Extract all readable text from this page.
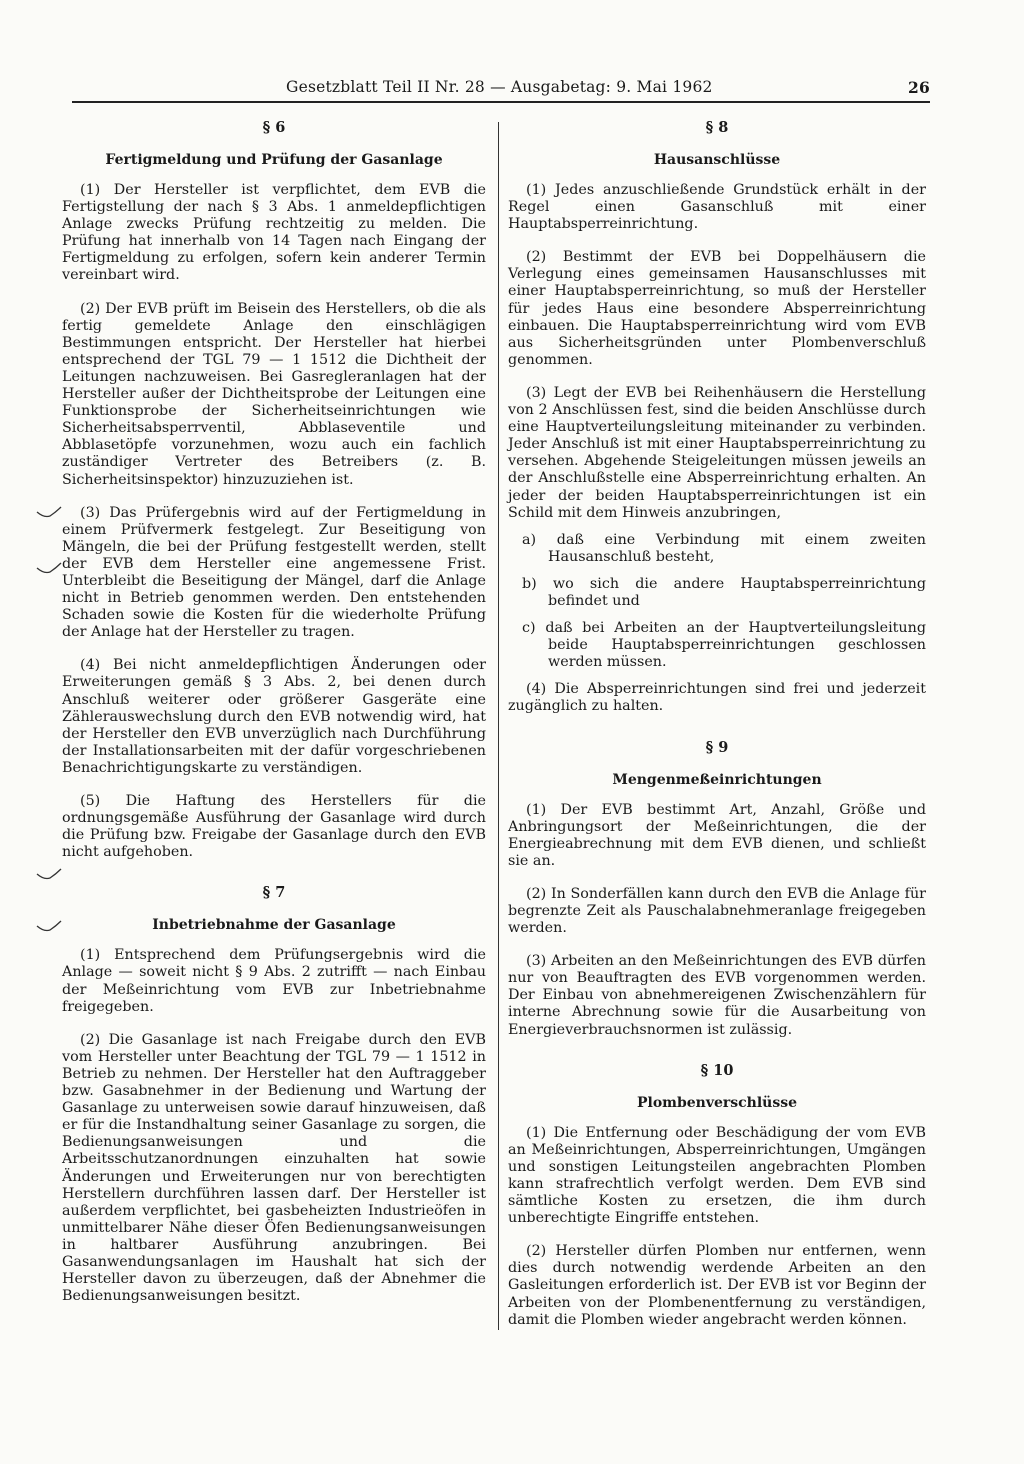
Gesetzblatt Teil II Nr. 28 — Ausgabetag: 9. Mai 1962	26
§ 6
Fertigmeldung und Prüfung der Gasanlage

(1) Der Hersteller ist verpflichtet, dem EVB die Fertigstellung der nach § 3 Abs. 1 anmeldepflichtigen Anlage zwecks Prüfung rechtzeitig zu melden. Die Prüfung hat innerhalb von 14 Tagen nach Eingang der Fertigmeldung zu erfolgen, sofern kein anderer Termin vereinbart wird.

(2) Der EVB prüft im Beisein des Herstellers, ob die als fertig gemeldete Anlage den einschlägigen Bestimmungen entspricht. Der Hersteller hat hierbei entsprechend der TGL 79 — 1 1512 die Dichtheit der Leitungen nachzuweisen. Bei Gasregleranlagen hat der Hersteller außer der Dichtheitsprobe der Leitungen eine Funktionsprobe der Sicherheitseinrichtungen wie Sicherheitsabsperrventil, Abblaseventile und Abblasetöpfe vorzunehmen, wozu auch ein fachlich zuständiger Vertreter des Betreibers (z. B. Sicherheitsinspektor) hinzuzuziehen ist.

(3) Das Prüfergebnis wird auf der Fertigmeldung in einem Prüfvermerk festgelegt. Zur Beseitigung von Mängeln, die bei der Prüfung festgestellt werden, stellt der EVB dem Hersteller eine angemessene Frist. Unterbleibt die Beseitigung der Mängel, darf die Anlage nicht in Betrieb genommen werden. Den entstehenden Schaden sowie die Kosten für die wiederholte Prüfung der Anlage hat der Hersteller zu tragen.

(4) Bei nicht anmeldepflichtigen Änderungen oder Erweiterungen gemäß § 3 Abs. 2, bei denen durch Anschluß weiterer oder größerer Gasgeräte eine Zählerauswechslung durch den EVB notwendig wird, hat der Hersteller den EVB unverzüglich nach Durchführung der Installationsarbeiten mit der dafür vorgeschriebenen Benachrichtigungskarte zu verständigen.

(5) Die Haftung des Herstellers für die ordnungsgemäße Ausführung der Gasanlage wird durch die Prüfung bzw. Freigabe der Gasanlage durch den EVB nicht aufgehoben.

§ 7
Inbetriebnahme der Gasanlage

(1) Entsprechend dem Prüfungsergebnis wird die Anlage — soweit nicht § 9 Abs. 2 zutrifft — nach Einbau der Meßeinrichtung vom EVB zur Inbetriebnahme freigegeben.

(2) Die Gasanlage ist nach Freigabe durch den EVB vom Hersteller unter Beachtung der TGL 79 — 1 1512 in Betrieb zu nehmen. Der Hersteller hat den Auftraggeber bzw. Gasabnehmer in der Bedienung und Wartung der Gasanlage zu unterweisen sowie darauf hinzuweisen, daß er für die Instandhaltung seiner Gasanlage zu sorgen, die Bedienungsanweisungen und die Arbeitsschutzanordnungen einzuhalten hat sowie Änderungen und Erweiterungen nur von berechtigten Herstellern durchführen lassen darf. Der Hersteller ist außerdem verpflichtet, bei gasbeheizten Industrieöfen in unmittelbarer Nähe dieser Öfen Bedienungsanweisungen in haltbarer Ausführung anzubringen. Bei Gasanwendungsanlagen im Haushalt hat sich der Hersteller davon zu überzeugen, daß der Abnehmer die Bedienungsanweisungen besitzt.

§ 8
Hausanschlüsse

(1) Jedes anzuschließende Grundstück erhält in der Regel einen Gasanschluß mit einer Hauptabsperreinrichtung.

(2) Bestimmt der EVB bei Doppelhäusern die Verlegung eines gemeinsamen Hausanschlusses mit einer Hauptabsperreinrichtung, so muß der Hersteller für jedes Haus eine besondere Absperreinrichtung einbauen. Die Hauptabsperreinrichtung wird vom EVB aus Sicherheitsgründen unter Plombenverschluß genommen.

(3) Legt der EVB bei Reihenhäusern die Herstellung von 2 Anschlüssen fest, sind die beiden Anschlüsse durch eine Hauptverteilungsleitung miteinander zu verbinden. Jeder Anschluß ist mit einer Hauptabsperreinrichtung zu versehen. Abgehende Steigeleitungen müssen jeweils an der Anschlußstelle eine Absperreinrichtung erhalten. An jeder der beiden Hauptabsperreinrichtungen ist ein Schild mit dem Hinweis anzubringen,

a) daß eine Verbindung mit einem zweiten Hausanschluß besteht,
b) wo sich die andere Hauptabsperreinrichtung befindet und
c) daß bei Arbeiten an der Hauptverteilungsleitung beide Hauptabsperreinrichtungen geschlossen werden müssen.

(4) Die Absperreinrichtungen sind frei und jederzeit zugänglich zu halten.

§ 9
Mengenmeßeinrichtungen

(1) Der EVB bestimmt Art, Anzahl, Größe und Anbringungsort der Meßeinrichtungen, die der Energieabrechnung mit dem EVB dienen, und schließt sie an.

(2) In Sonderfällen kann durch den EVB die Anlage für begrenzte Zeit als Pauschalabnehmeranlage freigegeben werden.

(3) Arbeiten an den Meßeinrichtungen des EVB dürfen nur von Beauftragten des EVB vorgenommen werden. Der Einbau von abnehmereigenen Zwischenzählern für interne Abrechnung sowie für die Ausarbeitung von Energieverbrauchsnormen ist zulässig.

§ 10
Plombenverschlüsse

(1) Die Entfernung oder Beschädigung der vom EVB an Meßeinrichtungen, Absperreinrichtungen, Umgängen und sonstigen Leitungsteilen angebrachten Plomben kann strafrechtlich verfolgt werden. Dem EVB sind sämtliche Kosten zu ersetzen, die ihm durch unberechtigte Eingriffe entstehen.

(2) Hersteller dürfen Plomben nur entfernen, wenn dies durch notwendig werdende Arbeiten an den Gasleitungen erforderlich ist. Der EVB ist vor Beginn der Arbeiten von der Plombenentfernung zu verständigen, damit die Plomben wieder angebracht werden können.
